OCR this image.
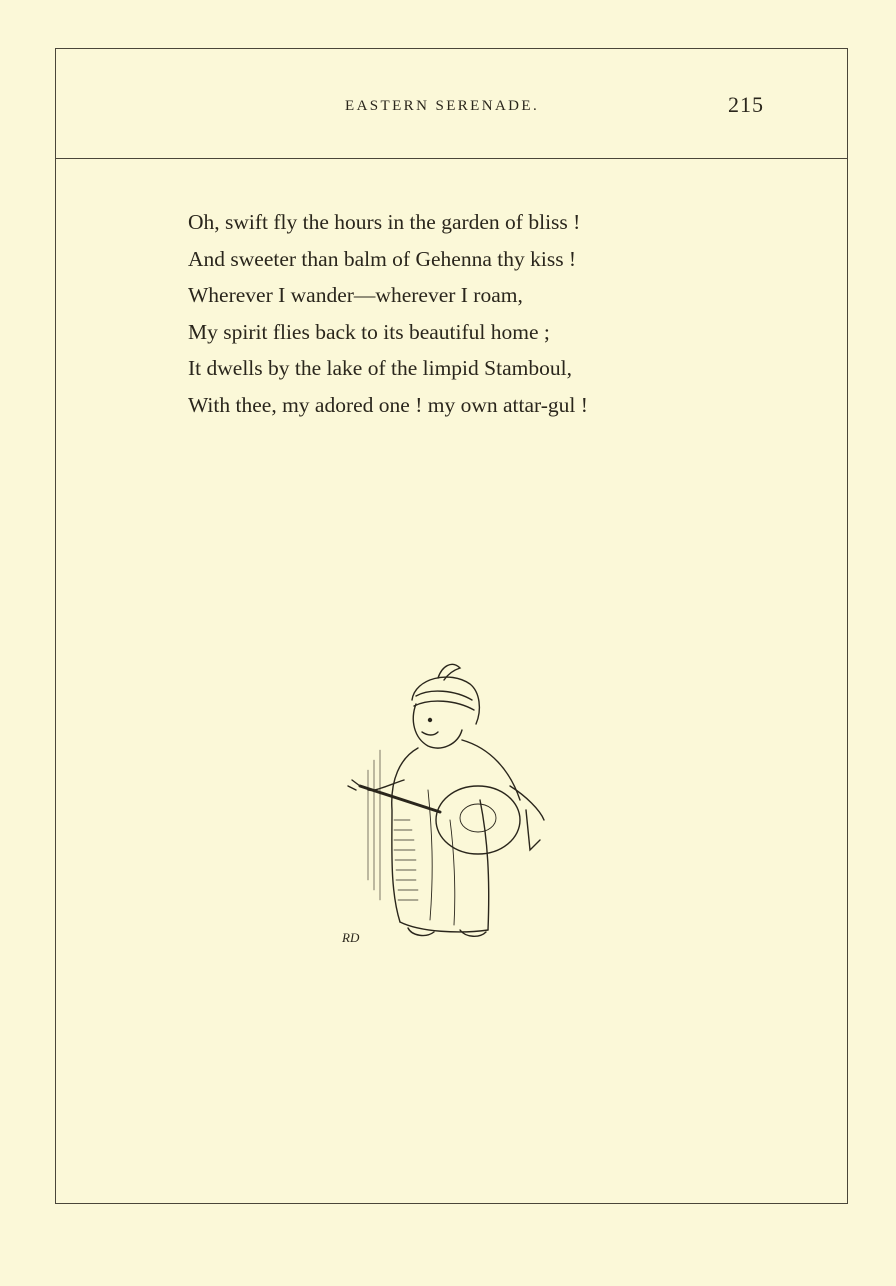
EASTERN SERENADE.	215
Oh, swift fly the hours in the garden of bliss !
And sweeter than balm of Gehenna thy kiss !
Wherever I wander—wherever I roam,
My spirit flies back to its beautiful home ;
It dwells by the lake of the limpid Stamboul,
With thee, my adored one ! my own attar-gul !
RD
